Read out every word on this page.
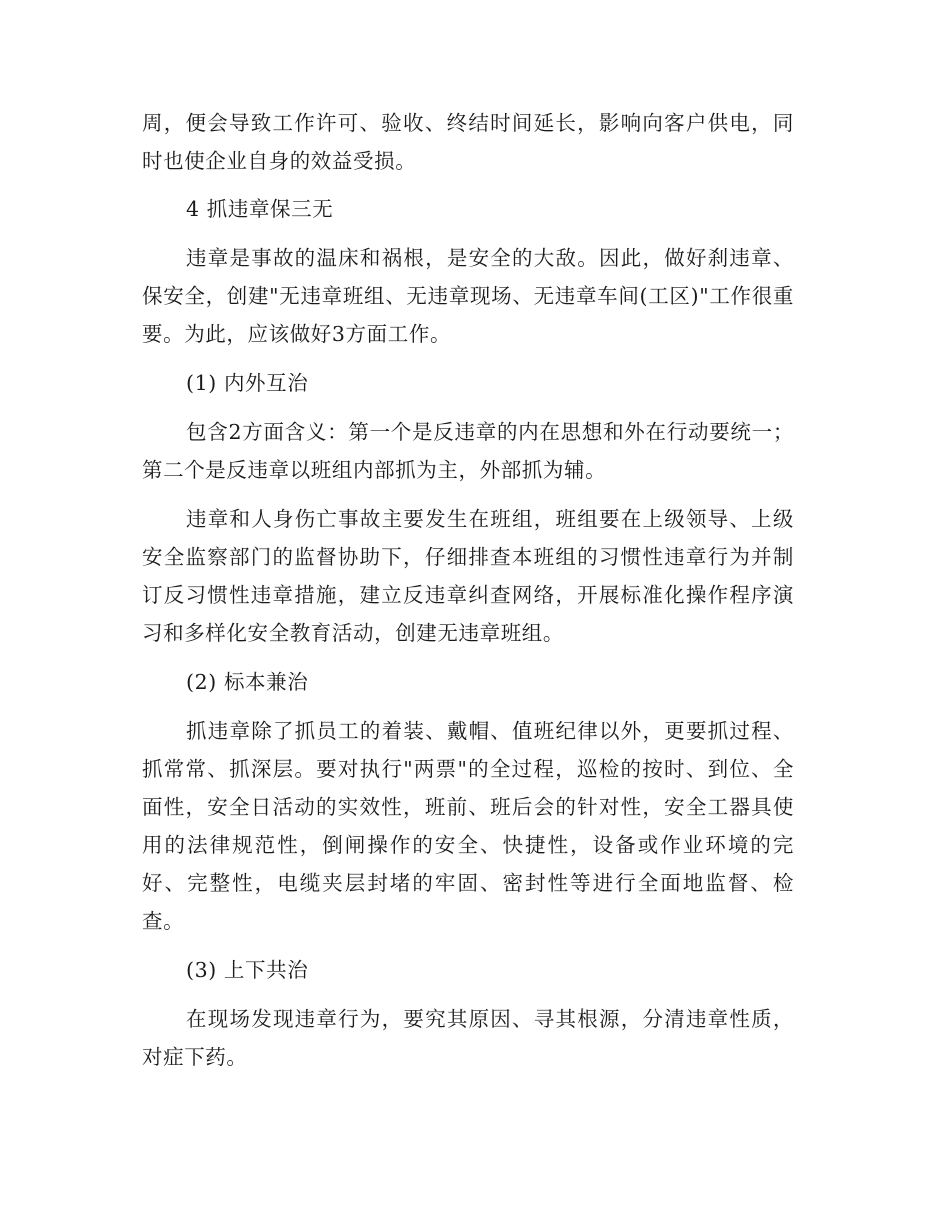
周，便会导致工作许可、验收、终结时间延长，影响向客户供电，同时也使企业自身的效益受损。

4 抓违章保三无

违章是事故的温床和祸根，是安全的大敌。因此，做好刹违章、保安全，创建"无违章班组、无违章现场、无违章车间(工区)"工作很重要。为此，应该做好3方面工作。

(1) 内外互治

包含2方面含义：第一个是反违章的内在思想和外在行动要统一；第二个是反违章以班组内部抓为主，外部抓为辅。

违章和人身伤亡事故主要发生在班组，班组要在上级领导、上级安全监察部门的监督协助下，仔细排查本班组的习惯性违章行为并制订反习惯性违章措施，建立反违章纠查网络，开展标准化操作程序演习和多样化安全教育活动，创建无违章班组。

(2) 标本兼治

抓违章除了抓员工的着装、戴帽、值班纪律以外，更要抓过程、抓常常、抓深层。要对执行"两票"的全过程，巡检的按时、到位、全面性，安全日活动的实效性，班前、班后会的针对性，安全工器具使用的法律规范性，倒闸操作的安全、快捷性，设备或作业环境的完好、完整性，电缆夹层封堵的牢固、密封性等进行全面地监督、检查。

(3) 上下共治

在现场发现违章行为，要究其原因、寻其根源，分清违章性质，对症下药。
